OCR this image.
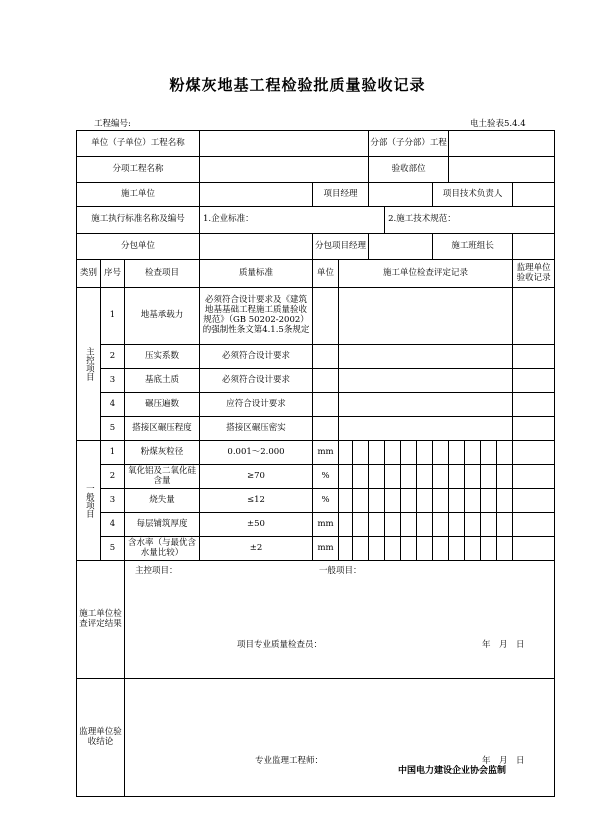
粉煤灰地基工程检验批质量验收记录
工程编号:	电土验表5.4.4
单位（子单位）工程名称							分部（子分部）工程									
分项工程名称							验收部位									
施工单位				项目经理							项目技术负责人					
施工执行标准名称及编号			1.企业标准：					2.施工技术规范：								
分包单位				分包项目经理							施工班组长					
类别	序号	检查项目	质量标准	单位	施工单位检查评定记录											监理单位验收记录
主控项目	1	地基承载力	必须符合设计要求及《建筑地基基础工程施工质量验收规范》（GB 50202-2002）的强制性条文第4.1.5条规定													
	2	压实系数	必须符合设计要求													
	3	基底土质	必须符合设计要求													
	4	碾压遍数	应符合设计要求													
	5	搭接区碾压程度	搭接区碾压密实													
一般项目	1	粉煤灰粒径	0.001～2.000	mm												
	2	氧化铝及二氧化硅含量	≥70	%												
	3	烧失量	≤12	%												
	4	每层铺筑厚度	±50	mm												
	5	含水率（与最优含水量比较）	±2	mm												
施工单位检查评定结果		主控项目： 一般项目：
项目专业质量检查员： 年　月　日														

监理单位验收结论		专业监理工程师： 年　月　日														
中国电力建设企业协会监制
